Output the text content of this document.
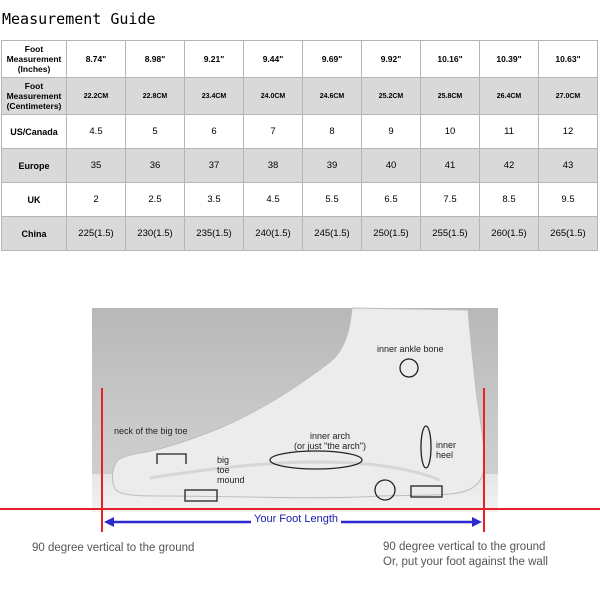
Measurement Guide
Foot Measurement (Inches)	8.74"	8.98"	9.21"	9.44"	9.69"	9.92"	10.16"	10.39"	10.63"
Foot Measurement (Centimeters)	22.2CM	22.8CM	23.4CM	24.0CM	24.6CM	25.2CM	25.8CM	26.4CM	27.0CM
US/Canada	4.5	5	6	7	8	9	10	11	12
Europe	35	36	37	38	39	40	41	42	43
UK	2	2.5	3.5	4.5	5.5	6.5	7.5	8.5	9.5
China	225(1.5)	230(1.5)	235(1.5)	240(1.5)	245(1.5)	250(1.5)	255(1.5)	260(1.5)	265(1.5)
inner ankle bone
neck of the big toe	inner arch
(or just "the arch")
big
toe
mound
inner
heel
Your Foot Length
90 degree vertical to the ground	90 degree vertical to the ground
Or, put your foot against the wall
